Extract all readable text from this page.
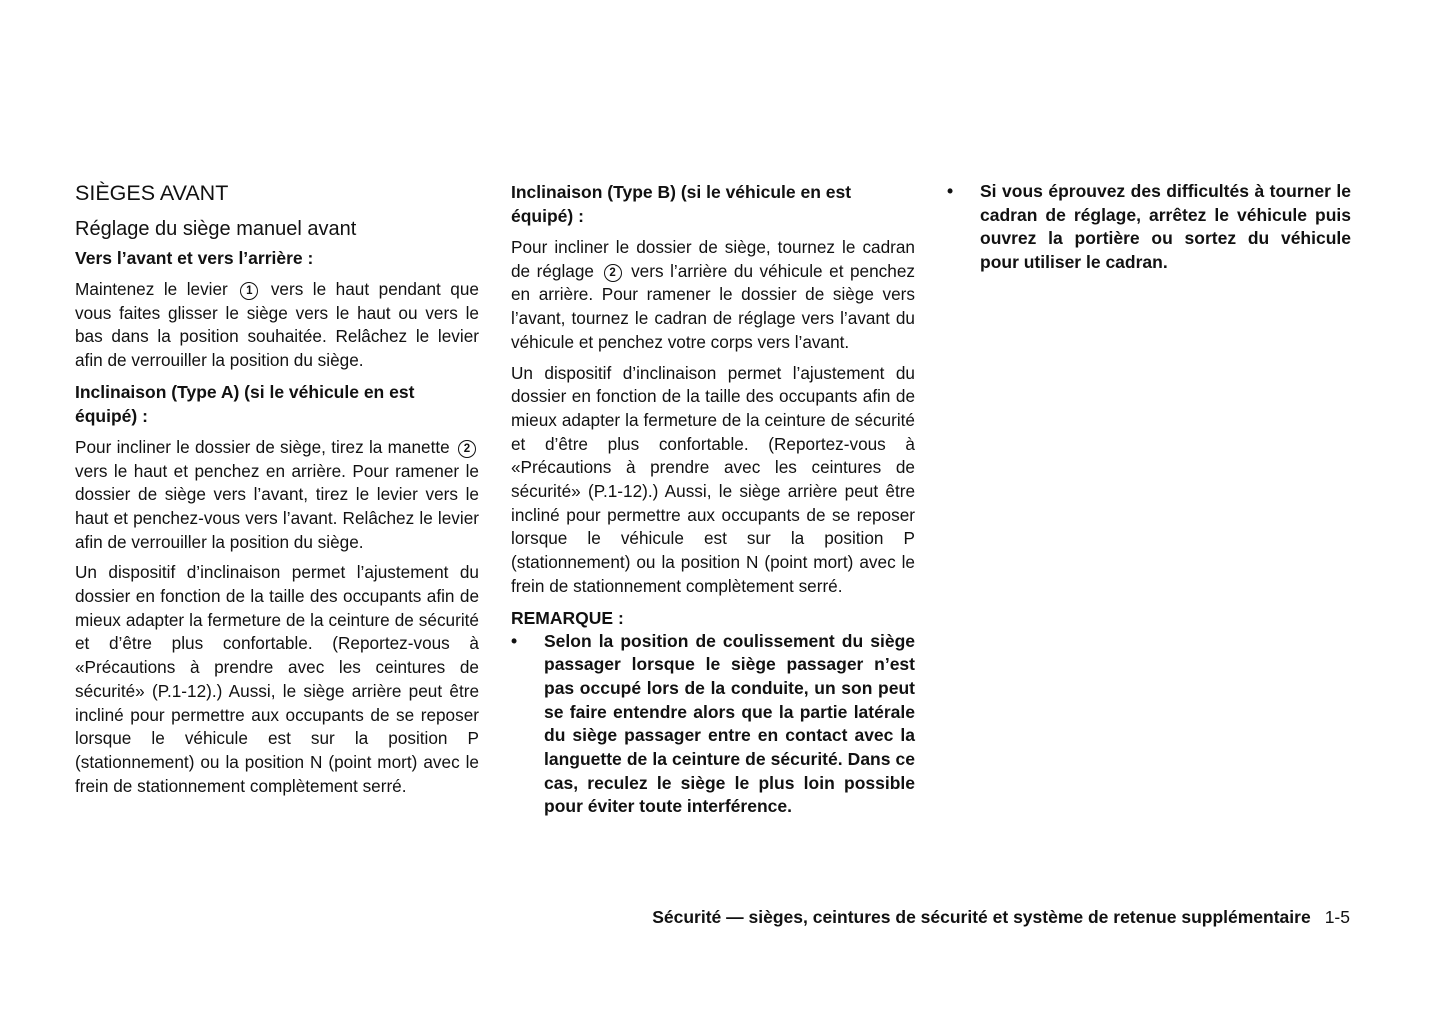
SIÈGES AVANT
Réglage du siège manuel avant
Vers l’avant et vers l’arrière :

Maintenez le levier 1 vers le haut pendant que vous faites glisser le siège vers le haut ou vers le bas dans la position souhaitée. Relâchez le levier afin de verrouiller la position du siège.

Inclinaison (Type A) (si le véhicule en est équipé) :

Pour incliner le dossier de siège, tirez la manette 2 vers le haut et penchez en arrière. Pour ramener le dossier de siège vers l’avant, tirez le levier vers le haut et penchez-vous vers l’avant. Relâchez le levier afin de verrouiller la position du siège.

Un dispositif d’inclinaison permet l’ajustement du dossier en fonction de la taille des occupants afin de mieux adapter la fermeture de la ceinture de sécurité et d’être plus confortable. (Reportez-vous à «Précautions à prendre avec les ceintures de sécurité» (P.1-12).) Aussi, le siège arrière peut être incliné pour permettre aux occupants de se reposer lorsque le véhicule est sur la position P (stationnement) ou la position N (point mort) avec le frein de stationnement complètement serré.

Inclinaison (Type B) (si le véhicule en est équipé) :

Pour incliner le dossier de siège, tournez le cadran de réglage 2 vers l’arrière du véhicule et penchez en arrière. Pour ramener le dossier de siège vers l’avant, tournez le cadran de réglage vers l’avant du véhicule et penchez votre corps vers l’avant.

Un dispositif d’inclinaison permet l’ajustement du dossier en fonction de la taille des occupants afin de mieux adapter la fermeture de la ceinture de sécurité et d’être plus confortable. (Reportez-vous à «Précautions à prendre avec les ceintures de sécurité» (P.1-12).) Aussi, le siège arrière peut être incliné pour permettre aux occupants de se reposer lorsque le véhicule est sur la position P (stationnement) ou la position N (point mort) avec le frein de stationnement complètement serré.

REMARQUE :
•	Selon la position de coulissement du siège passager lorsque le siège passager n’est pas occupé lors de la conduite, un son peut se faire entendre alors que la partie latérale du siège passager entre en contact avec la languette de la ceinture de sécurité. Dans ce cas, reculez le siège le plus loin possible pour éviter toute interférence.
•	Si vous éprouvez des difficultés à tourner le cadran de réglage, arrêtez le véhicule puis ouvrez la portière ou sortez du véhicule pour utiliser le cadran.
Sécurité — sièges, ceintures de sécurité et système de retenue supplémentaire 1-5
